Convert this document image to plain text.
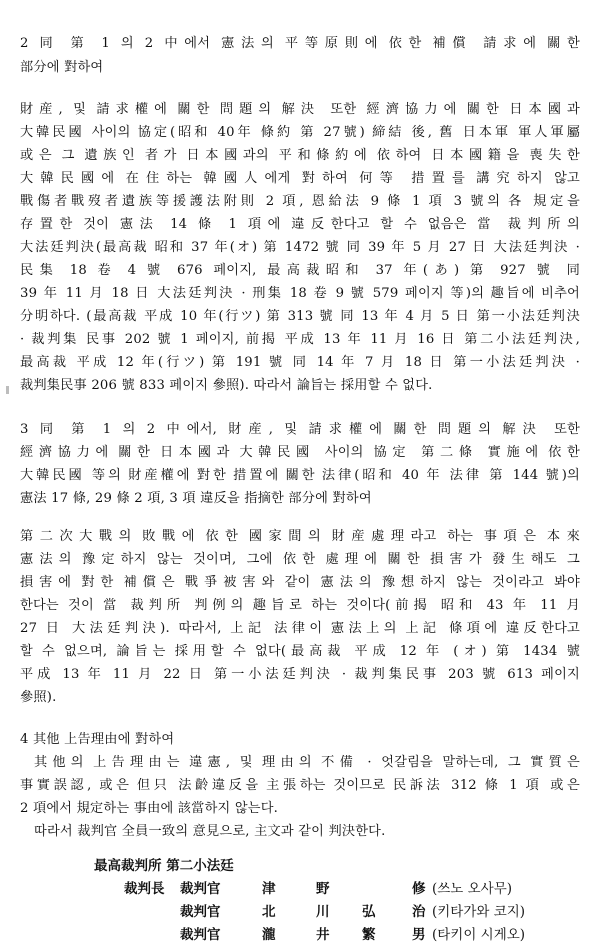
2 同 第 1 의 2 中에서 憲法의 平等原則에 依한 補償 請求에 關한
部分에 對하여
財産, 및 請求權에 關한 問題의 解決 또한 經濟協力에 關한 日本國과
大韓民國 사이의 協定(昭和 40年 條約 第 27號) 締結 後, 舊 日本軍 軍人軍屬
或은 그 遺族인 者가 日本國과의 平和條約에 依하여 日本國籍을 喪失한
大韓民國에 在住하는 韓國人에게 對하여 何等 措置를 講究하지 않고
戰傷者戰歿者遺族等援護法附則 2 項, 恩給法 9 條 1 項 3 號의 各 規定을
存置한 것이 憲法 14 條 1 項에 違反한다고 할 수 없음은 當 裁判所의
大法廷判決(最高裁 昭和 37 年(オ) 第 1472 號 同 39 年 5 月 27 日 大法廷判決 ·
民集 18 卷 4 號 676 페이지, 最高裁昭和 37 年(あ) 第 927 號 同
39 年 11 月 18 日 大法廷判決 · 刑集 18 卷 9 號 579 페이지 等)의 趣旨에 비추어
分明하다. (最高裁 平成 10 年(行ツ) 第 313 號 同 13 年 4 月 5 日 第一小法廷判決
· 裁判集 民事 202 號 1 페이지, 前揭 平成 13 年 11 月 16 日 第二小法廷判決,
最高裁 平成 12 年(行ツ) 第 191 號 同 14 年 7 月 18 日 第一小法廷判決 ·
裁判集民事 206 號 833 페이지 參照). 따라서 論旨는 採用할 수 없다.
3 同 第 1 의 2 中에서, 財産, 및 請求權에 關한 問題의 解決 또한
經濟協力에 關한 日本國과 大韓民國 사이의 協定 第二條 實施에 依한
大韓民國 等의 財産權에 對한 措置에 關한 法律(昭和 40 年 法律 第 144 號)의
憲法 17 條, 29 條 2 項, 3 項 違反을 指摘한 部分에 對하여
第二次大戰의 敗戰에 依한 國家間의 財産處理라고 하는 事項은 本來
憲法의 豫定하지 않는 것이며, 그에 依한 處理에 關한 損害가 發生해도 그
損害에 對한 補償은 戰爭被害와 같이 憲法의 豫想하지 않는 것이라고 봐야
한다는 것이 當 裁判所 判例의 趣旨로 하는 것이다(前揭 昭和 43 年 11 月
27 日 大法廷判決). 따라서, 上記 法律이 憲法上의 上記 條項에 違反한다고
할 수 없으며, 論旨는 採用할 수 없다(最高裁 平成 12 年 (オ) 第 1434 號
平成 13 年 11 月 22 日 第一小法廷判決 · 裁判集民事 203 號 613 페이지
參照).
4 其他 上告理由에 對하여
其他의 上告理由는 違憲, 및 理由의 不備 · 엇갈림을 말하는데, 그 實質은
事實誤認, 或은 但只 法齡違反을 主張하는 것이므로 民訴法 312 條 1 項 或은
2 項에서 規定하는 事由에 該當하지 않는다.
따라서 裁判官 全員一致의 意見으로, 主文과 같이 判決한다.
最高裁判所 第二小法廷
裁判長 裁判官	津	野	修 (쓰노 오사무)
裁判官	北	川 弘	治 (키타가와 코지)
裁判官	瀧	井 繁	男 (타키이 시게오)
